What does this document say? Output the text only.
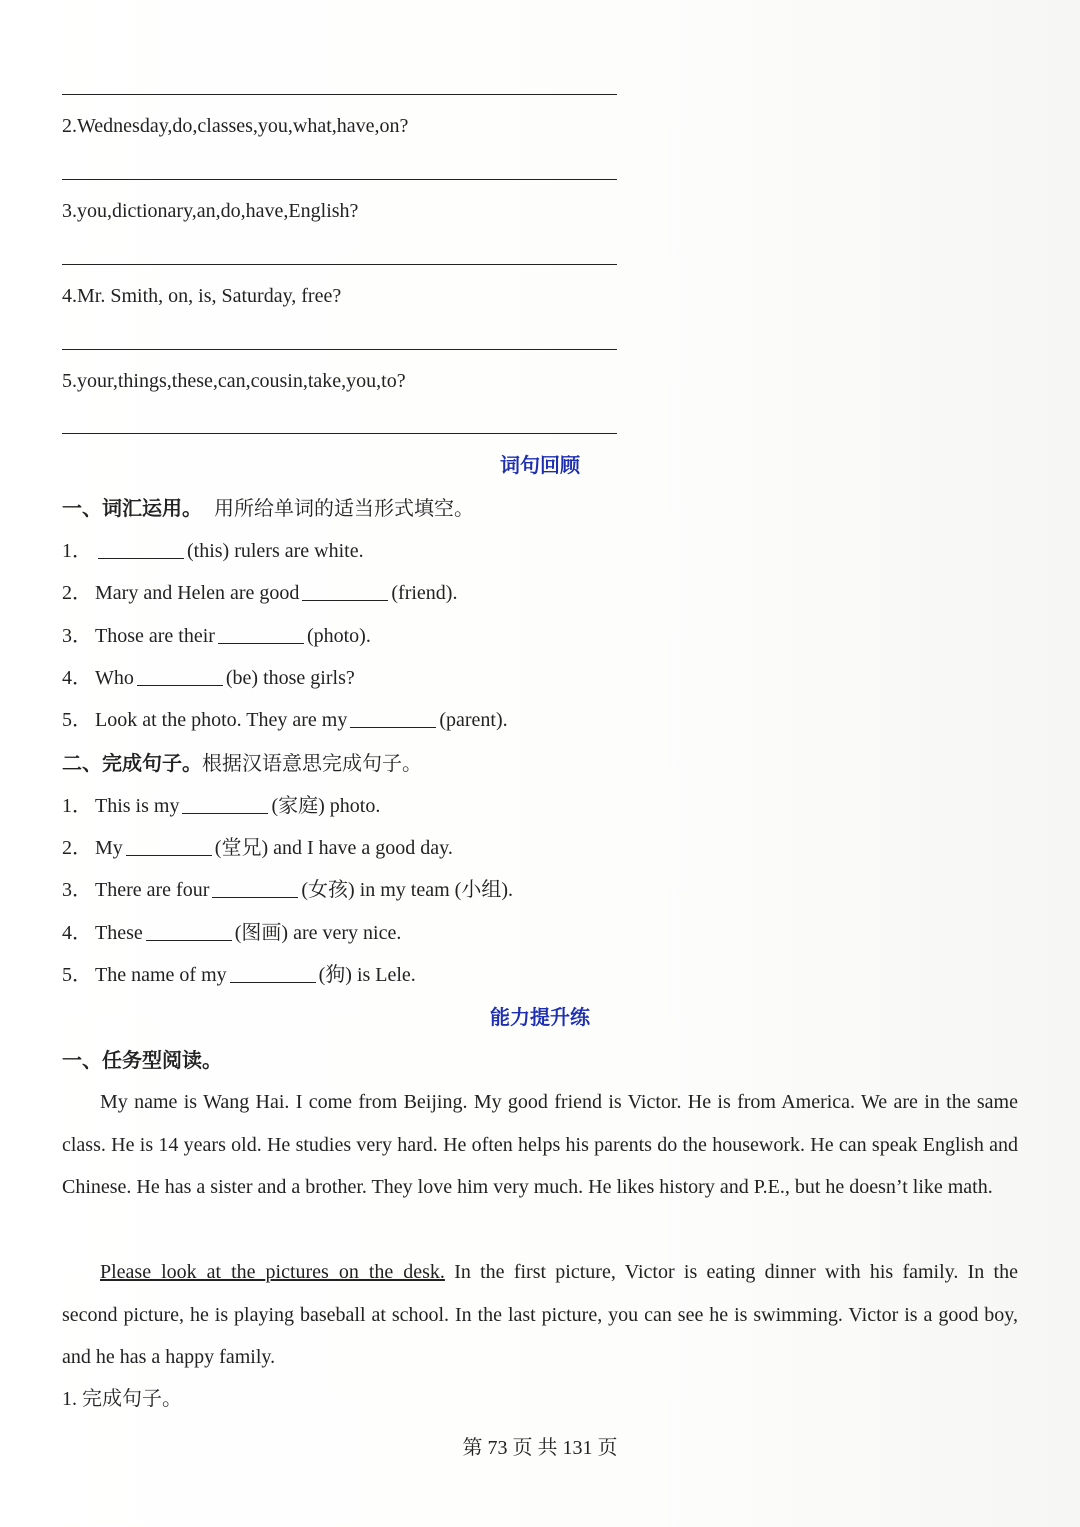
2.Wednesday,do,classes,you,what,have,on?
3.you,dictionary,an,do,have,English?
4.Mr. Smith, on, is, Saturday, free?
5.your,things,these,can,cousin,take,you,to?
词句回顾
一、词汇运用。 用所给单词的适当形式填空。
1．	(this) rulers are white.
2． Mary and Helen are good	(friend).
3． Those are their	(photo).
4． Who	(be) those girls?
5． Look at the photo. They are my	(parent).
二、完成句子。根据汉语意思完成句子。
1． This is my	(家庭) photo.
2． My	(堂兄) and I have a good day.
3． There are four	(女孩) in my team (小组).
4． These	(图画) are very nice.
5． The name of my	(狗) is Lele.
能力提升练
一、任务型阅读。
My name is Wang Hai. I come from Beijing. My good friend is Victor. He is from America. We are in the same class. He is 14 years old. He studies very hard. He often helps his parents do the housework. He can speak English and Chinese. He has a sister and a brother. They love him very much. He likes history and P.E., but he doesn’t like math.
Please_look_at_the_pictures_on_the_desk. In the first picture, Victor is eating dinner with his family. In the second picture, he is playing baseball at school. In the last picture, you can see he is swimming. Victor is a good boy, and he has a happy family.
1. 完成句子。
第 73 页 共 131 页
